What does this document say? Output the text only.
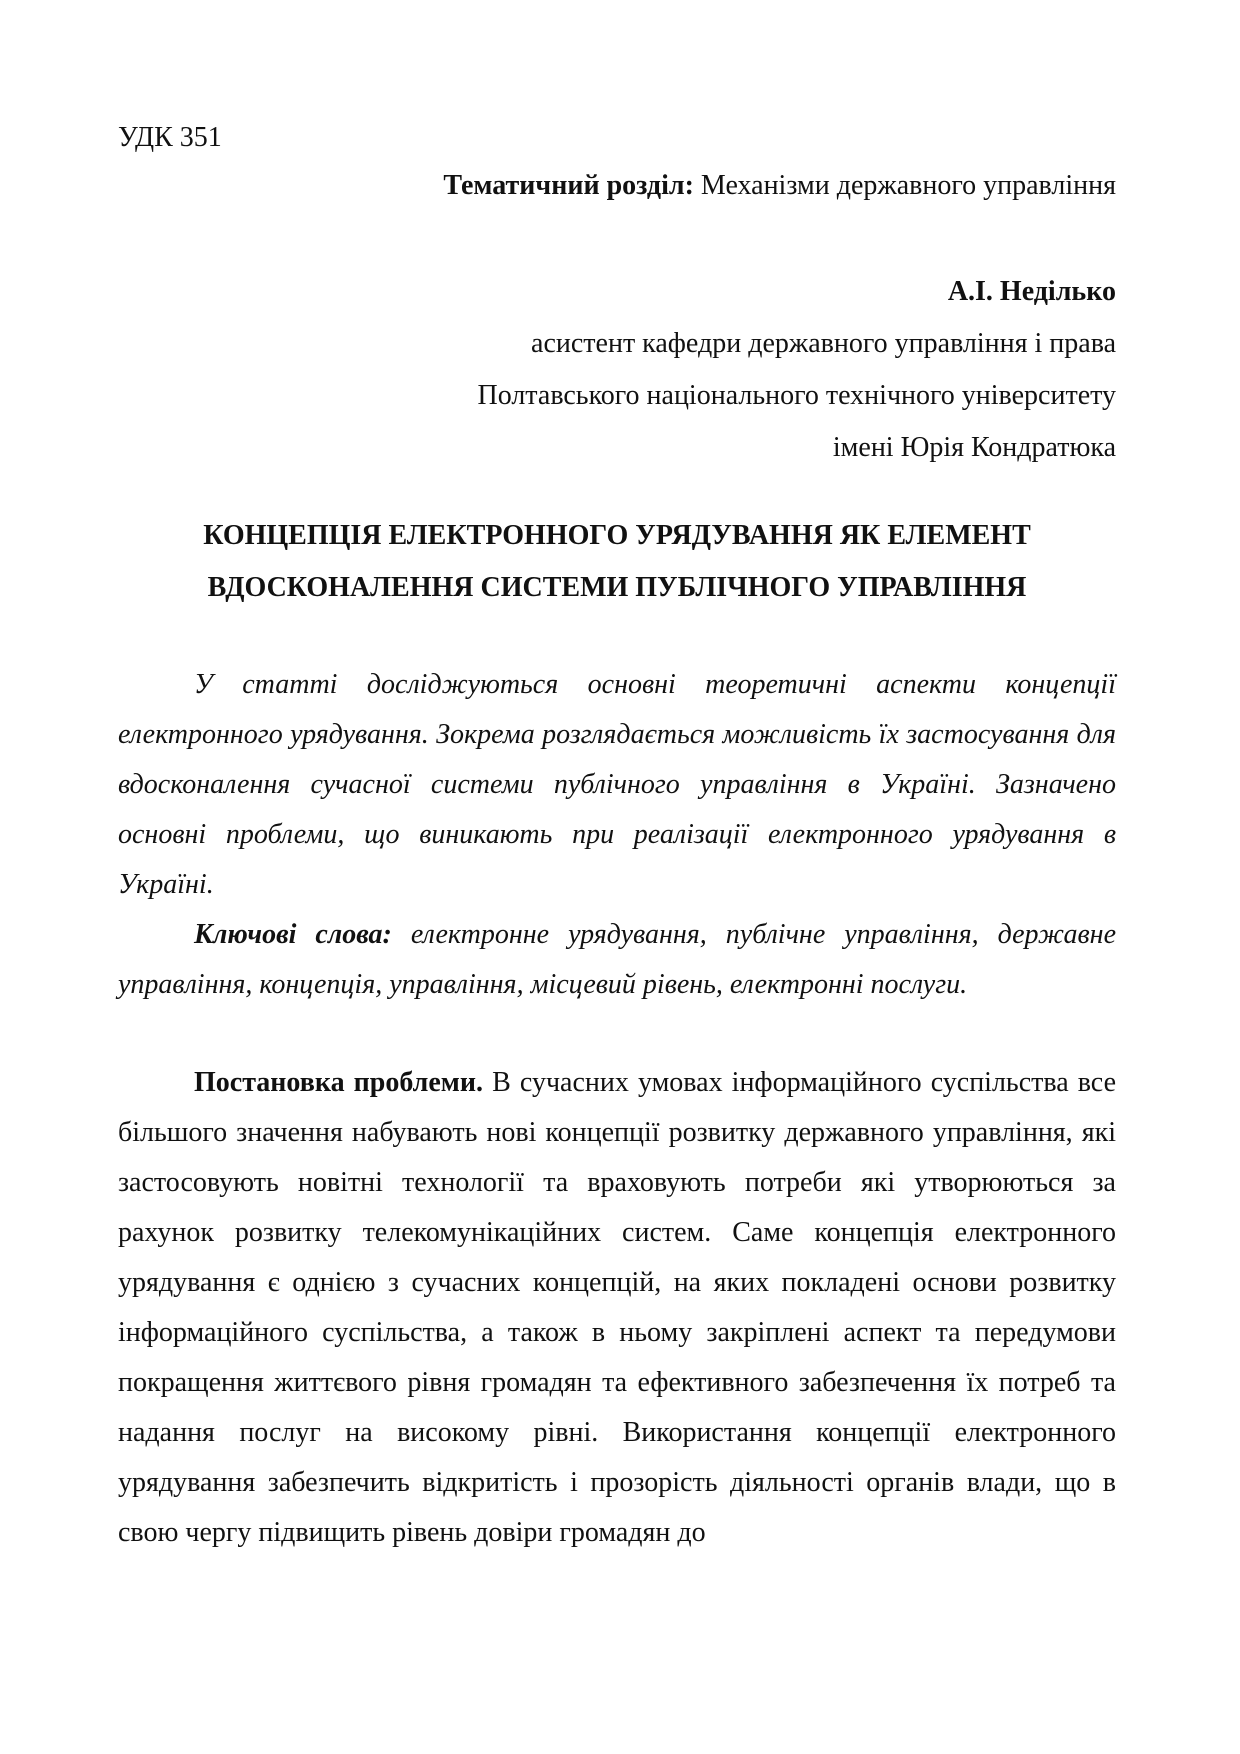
УДК 351
Тематичний розділ: Механізми державного управління
А.І. Неділько
асистент кафедри державного управління і права
Полтавського національного технічного університету
імені Юрія Кондратюка
КОНЦЕПЦІЯ ЕЛЕКТРОННОГО УРЯДУВАННЯ ЯК ЕЛЕМЕНТ
ВДОСКОНАЛЕННЯ СИСТЕМИ ПУБЛІЧНОГО УПРАВЛІННЯ

У статті досліджуються основні теоретичні аспекти концепції електронного урядування. Зокрема розглядається можливість їх застосування для вдосконалення сучасної системи публічного управління в Україні. Зазначено основні проблеми, що виникають при реалізації електронного урядування в Україні.

Ключові слова: електронне урядування, публічне управління, державне управління, концепція, управління, місцевий рівень, електронні послуги.

Постановка проблеми. В сучасних умовах інформаційного суспільства все більшого значення набувають нові концепції розвитку державного управління, які застосовують новітні технології та враховують потреби які утворюються за рахунок розвитку телекомунікаційних систем. Саме концепція електронного урядування є однією з сучасних концепцій, на яких покладені основи розвитку інформаційного суспільства, а також в ньому закріплені аспект та передумови покращення життєвого рівня громадян та ефективного забезпечення їх потреб та надання послуг на високому рівні. Використання концепції електронного урядування забезпечить відкритість і прозорість діяльності органів влади, що в свою чергу підвищить рівень довіри громадян до
